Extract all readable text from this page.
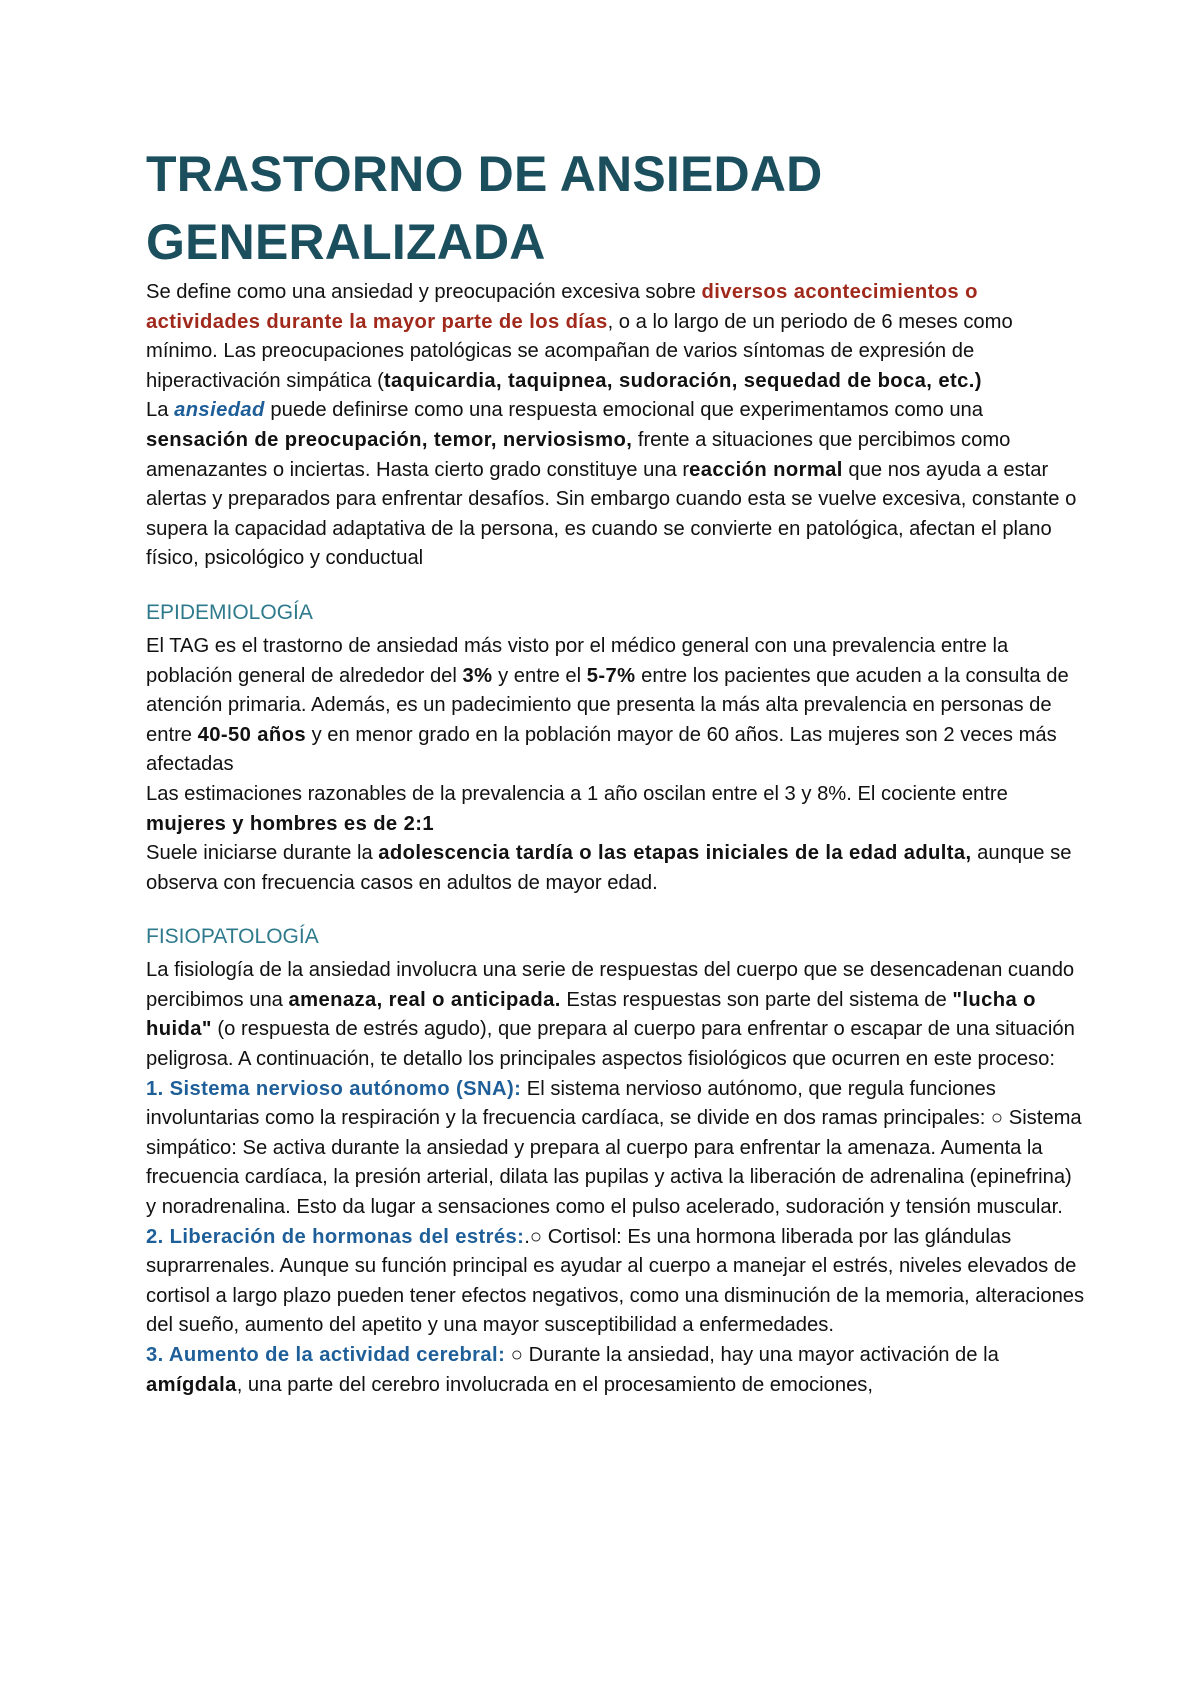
TRASTORNO DE ANSIEDAD GENERALIZADA

Se define como una ansiedad y preocupación excesiva sobre diversos acontecimientos o actividades durante la mayor parte de los días, o a lo largo de un periodo de 6 meses como mínimo. Las preocupaciones patológicas se acompañan de varios síntomas de expresión de hiperactivación simpática (taquicardia, taquipnea, sudoración, sequedad de boca, etc.)

La ansiedad puede definirse como una respuesta emocional que experimentamos como una sensación de preocupación, temor, nerviosismo, frente a situaciones que percibimos como amenazantes o inciertas. Hasta cierto grado constituye una reacción normal que nos ayuda a estar alertas y preparados para enfrentar desafíos. Sin embargo cuando esta se vuelve excesiva, constante o supera la capacidad adaptativa de la persona, es cuando se convierte en patológica, afectan el plano físico, psicológico y conductual

EPIDEMIOLOGÍA

El TAG es el trastorno de ansiedad más visto por el médico general con una prevalencia entre la población general de alrededor del 3% y entre el 5-7% entre los pacientes que acuden a la consulta de atención primaria. Además, es un padecimiento que presenta la más alta prevalencia en personas de entre 40-50 años y en menor grado en la población mayor de 60 años. Las mujeres son 2 veces más afectadas

Las estimaciones razonables de la prevalencia a 1 año oscilan entre el 3 y 8%. El cociente entre mujeres y hombres es de 2:1

Suele iniciarse durante la adolescencia tardía o las etapas iniciales de la edad adulta, aunque se observa con frecuencia casos en adultos de mayor edad.

FISIOPATOLOGÍA

La fisiología de la ansiedad involucra una serie de respuestas del cuerpo que se desencadenan cuando percibimos una amenaza, real o anticipada. Estas respuestas son parte del sistema de "lucha o huida" (o respuesta de estrés agudo), que prepara al cuerpo para enfrentar o escapar de una situación peligrosa. A continuación, te detallo los principales aspectos fisiológicos que ocurren en este proceso:

1. Sistema nervioso autónomo (SNA): El sistema nervioso autónomo, que regula funciones involuntarias como la respiración y la frecuencia cardíaca, se divide en dos ramas principales: ○ Sistema simpático: Se activa durante la ansiedad y prepara al cuerpo para enfrentar la amenaza. Aumenta la frecuencia cardíaca, la presión arterial, dilata las pupilas y activa la liberación de adrenalina (epinefrina) y noradrenalina. Esto da lugar a sensaciones como el pulso acelerado, sudoración y tensión muscular.

2. Liberación de hormonas del estrés:.○ Cortisol: Es una hormona liberada por las glándulas suprarrenales. Aunque su función principal es ayudar al cuerpo a manejar el estrés, niveles elevados de cortisol a largo plazo pueden tener efectos negativos, como una disminución de la memoria, alteraciones del sueño, aumento del apetito y una mayor susceptibilidad a enfermedades.

3. Aumento de la actividad cerebral: ○ Durante la ansiedad, hay una mayor activación de la amígdala, una parte del cerebro involucrada en el procesamiento de emociones,
